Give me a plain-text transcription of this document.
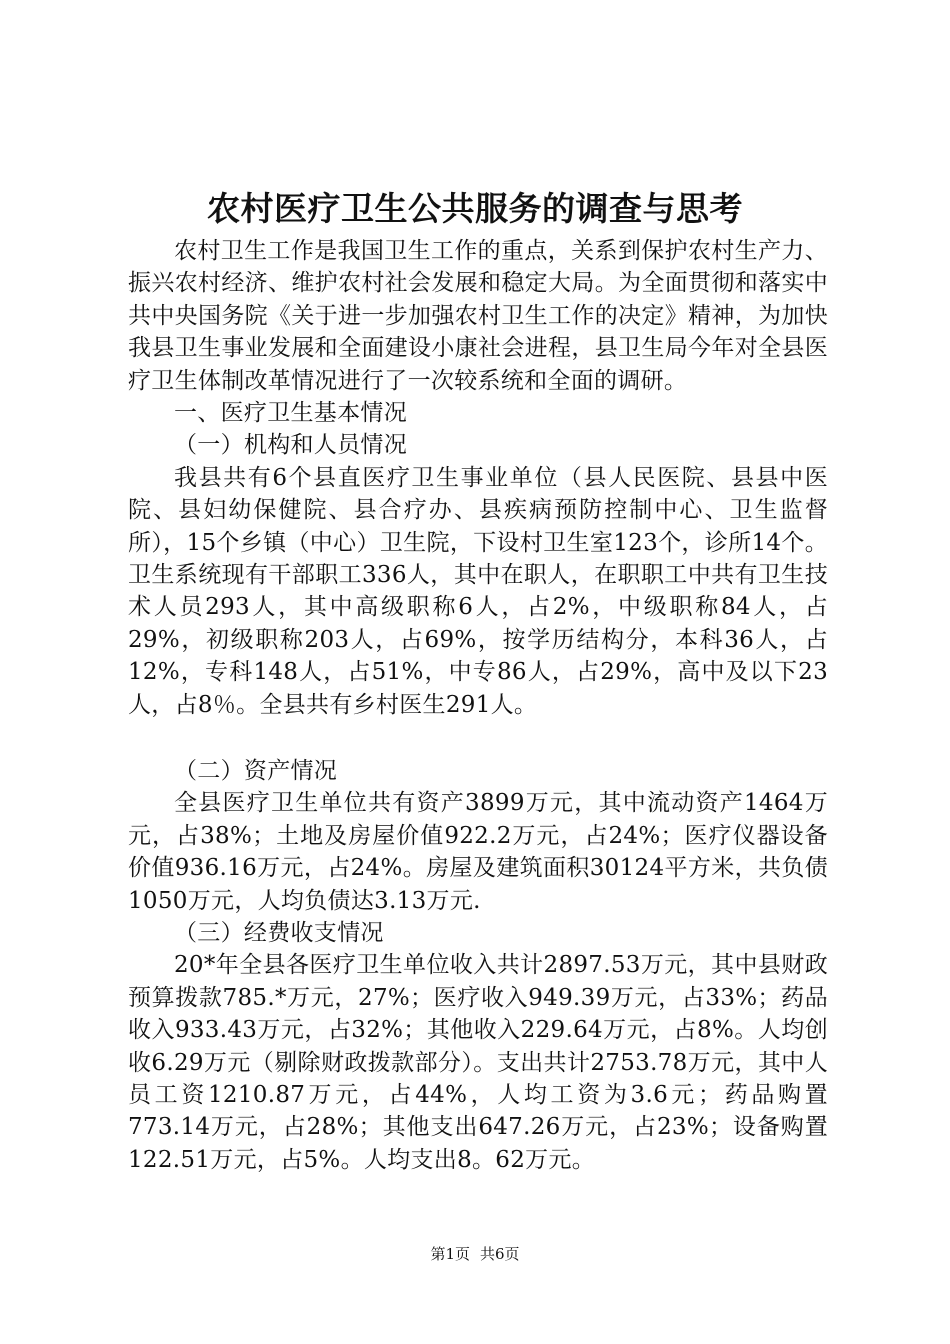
农村医疗卫生公共服务的调查与思考

农村卫生工作是我国卫生工作的重点，关系到保护农村生产力、振兴农村经济、维护农村社会发展和稳定大局。为全面贯彻和落实中共中央国务院《关于进一步加强农村卫生工作的决定》精神，为加快我县卫生事业发展和全面建设小康社会进程，县卫生局今年对全县医疗卫生体制改革情况进行了一次较系统和全面的调研。

一、医疗卫生基本情况

（一）机构和人员情况

我县共有6个县直医疗卫生事业单位（县人民医院、县县中医院、县妇幼保健院、县合疗办、县疾病预防控制中心、卫生监督所），15个乡镇（中心）卫生院，下设村卫生室123个，诊所14个。卫生系统现有干部职工336人，其中在职人，在职职工中共有卫生技术人员293人，其中高级职称6人，占2%，中级职称84人，占29%，初级职称203人，占69%，按学历结构分，本科36人，占12%，专科148人，占51%，中专86人，占29%，高中及以下23人，占8％。全县共有乡村医生291人。

（二）资产情况

全县医疗卫生单位共有资产3899万元，其中流动资产1464万元，占38%；土地及房屋价值922.2万元，占24%；医疗仪器设备价值936.16万元，占24%。房屋及建筑面积30124平方米，共负债1050万元，人均负债达3.13万元.

（三）经费收支情况

20*年全县各医疗卫生单位收入共计2897.53万元，其中县财政预算拨款785.*万元，27%；医疗收入949.39万元，占33%；药品收入933.43万元，占32%；其他收入229.64万元，占8%。人均创收6.29万元（剔除财政拨款部分）。支出共计2753.78万元，其中人员工资1210.87万元，占44%，人均工资为3.6元；药品购置773.14万元，占28%；其他支出647.26万元，占23%；设备购置122.51万元，占5%。人均支出8。62万元。

第1页 共6页
